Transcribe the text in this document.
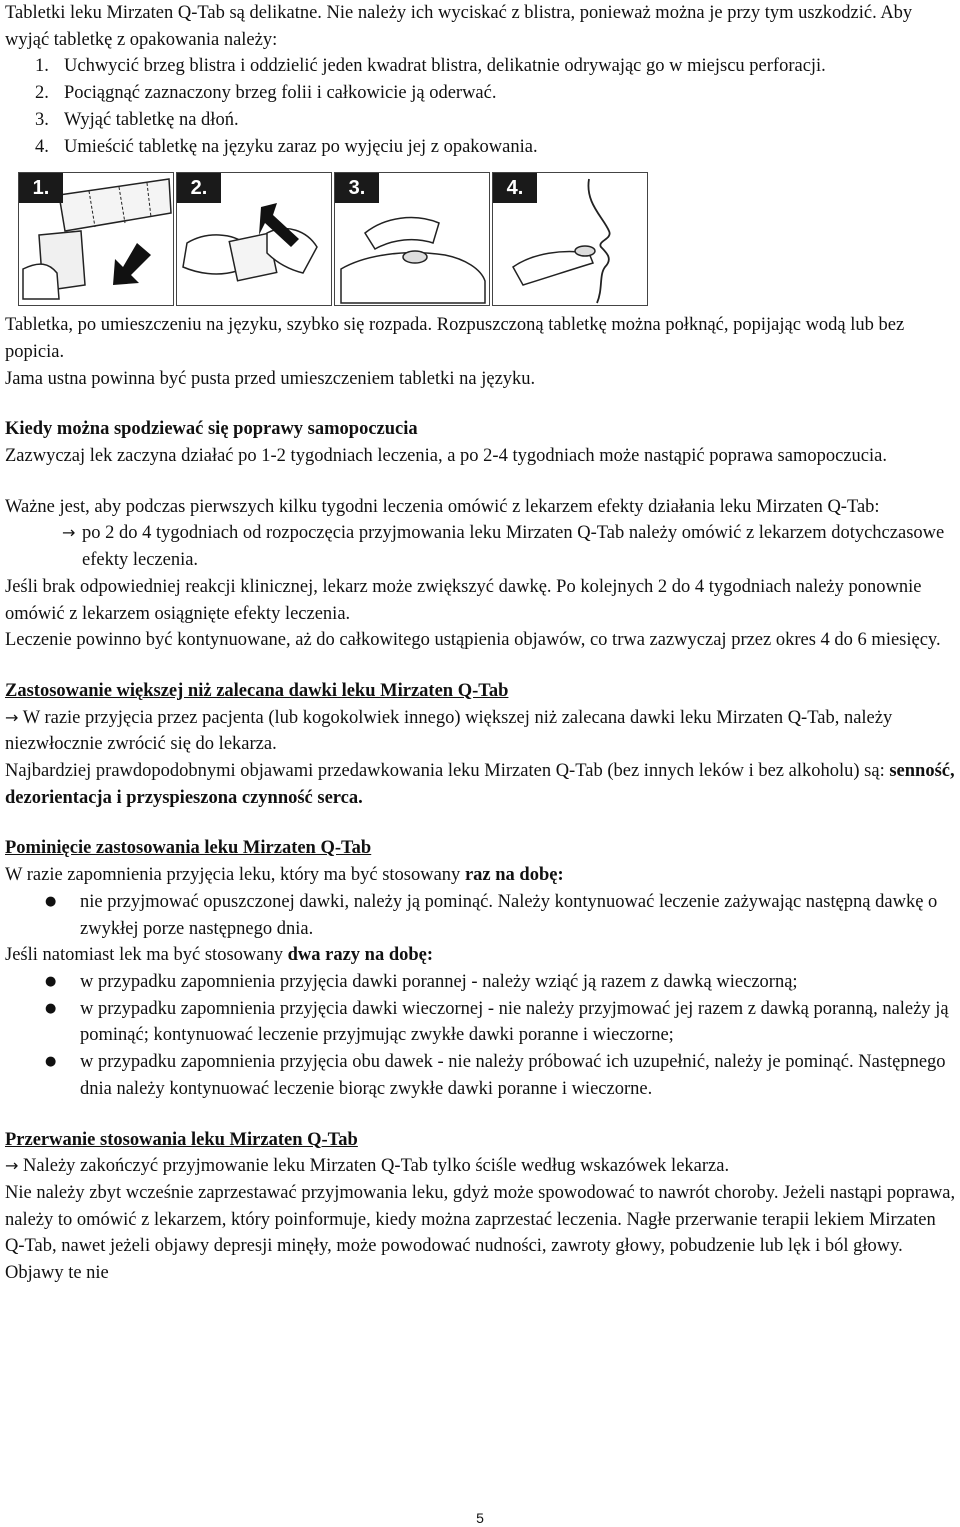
Tabletki leku Mirzaten Q-Tab są delikatne. Nie należy ich wyciskać z blistra, ponieważ można je przy tym uszkodzić. Aby wyjąć tabletkę z opakowania należy:

1. Uchwycić brzeg blistra i oddzielić jeden kwadrat blistra, delikatnie odrywając go w miejscu perforacji.
2. Pociągnąć zaznaczony brzeg folii i całkowicie ją oderwać.
3. Wyjąć tabletkę na dłoń.
4. Umieścić tabletkę na języku zaraz po wyjęciu jej z opakowania.
1.	2.	3.	4.

Tabletka, po umieszczeniu na języku, szybko się rozpada. Rozpuszczoną tabletkę można połknąć, popijając wodą lub bez popicia.

Jama ustna powinna być pusta przed umieszczeniem tabletki na języku.

Kiedy można spodziewać się poprawy samopoczucia

Zazwyczaj lek zaczyna działać po 1-2 tygodniach leczenia, a po 2-4 tygodniach może nastąpić poprawa samopoczucia.

Ważne jest, aby podczas pierwszych kilku tygodni leczenia omówić z lekarzem efekty działania leku Mirzaten Q-Tab:

→ po 2 do 4 tygodniach od rozpoczęcia przyjmowania leku Mirzaten Q-Tab należy omówić z lekarzem dotychczasowe efekty leczenia.

Jeśli brak odpowiedniej reakcji klinicznej, lekarz może zwiększyć dawkę. Po kolejnych 2 do 4 tygodniach należy ponownie omówić z lekarzem osiągnięte efekty leczenia.

Leczenie powinno być kontynuowane, aż do całkowitego ustąpienia objawów, co trwa zazwyczaj przez okres 4 do 6 miesięcy.

Zastosowanie większej niż zalecana dawki leku Mirzaten Q-Tab

→ W razie przyjęcia przez pacjenta (lub kogokolwiek innego) większej niż zalecana dawki leku Mirzaten Q-Tab, należy niezwłocznie zwrócić się do lekarza.

Najbardziej prawdopodobnymi objawami przedawkowania leku Mirzaten Q-Tab (bez innych leków i bez alkoholu) są: senność, dezorientacja i przyspieszona czynność serca.

Pominięcie zastosowania leku Mirzaten Q-Tab

W razie zapomnienia przyjęcia leku, który ma być stosowany raz na dobę:

●	nie przyjmować opuszczonej dawki, należy ją pominąć. Należy kontynuować leczenie zażywając następną dawkę o zwykłej porze następnego dnia.

Jeśli natomiast lek ma być stosowany dwa razy na dobę:

●	w przypadku zapomnienia przyjęcia dawki porannej - należy wziąć ją razem z dawką wieczorną;
●	w przypadku zapomnienia przyjęcia dawki wieczornej - nie należy przyjmować jej razem z dawką poranną, należy ją pominąć; kontynuować leczenie przyjmując zwykłe dawki poranne i wieczorne;
●	w przypadku zapomnienia przyjęcia obu dawek - nie należy próbować ich uzupełnić, należy je pominąć. Następnego dnia należy kontynuować leczenie biorąc zwykłe dawki poranne i wieczorne.

Przerwanie stosowania leku Mirzaten Q-Tab

→ Należy zakończyć przyjmowanie leku Mirzaten Q-Tab tylko ściśle według wskazówek lekarza.

Nie należy zbyt wcześnie zaprzestawać przyjmowania leku, gdyż może spowodować to nawrót choroby. Jeżeli nastąpi poprawa, należy to omówić z lekarzem, który poinformuje, kiedy można zaprzestać leczenia. Nagłe przerwanie terapii lekiem Mirzaten Q-Tab, nawet jeżeli objawy depresji minęły, może powodować nudności, zawroty głowy, pobudzenie lub lęk i ból głowy. Objawy te nie

5
